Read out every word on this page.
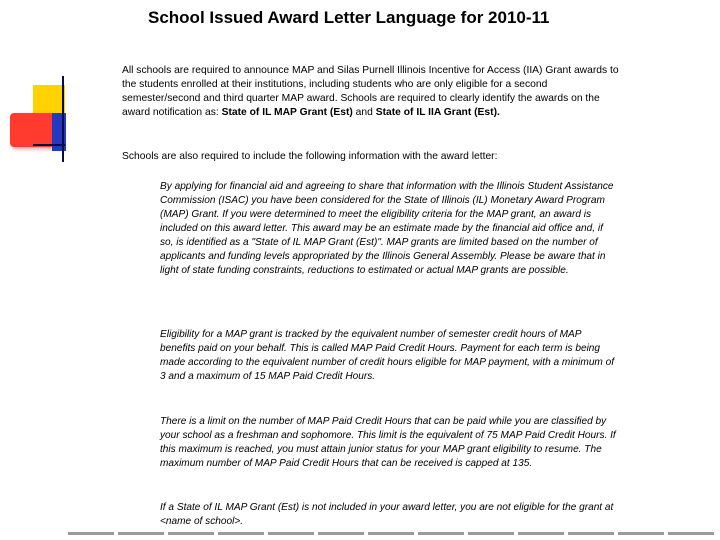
School Issued Award Letter Language for 2010-11

All schools are required to announce MAP and Silas Purnell Illinois Incentive for Access (IIA) Grant awards to the students enrolled at their institutions, including students who are only eligible for a second semester/second and third quarter MAP award. Schools are required to clearly identify the awards on the award notification as: State of IL MAP Grant (Est) and State of IL IIA Grant (Est).

Schools are also required to include the following information with the award letter:

By applying for financial aid and agreeing to share that information with the Illinois Student Assistance Commission (ISAC) you have been considered for the State of Illinois (IL) Monetary Award Program (MAP) Grant. If you were determined to meet the eligibility criteria for the MAP grant, an award is included on this award letter. This award may be an estimate made by the financial aid office and, if so, is identified as a "State of IL MAP Grant (Est)". MAP grants are limited based on the number of applicants and funding levels appropriated by the Illinois General Assembly. Please be aware that in light of state funding constraints, reductions to estimated or actual MAP grants are possible.

Eligibility for a MAP grant is tracked by the equivalent number of semester credit hours of MAP benefits paid on your behalf. This is called MAP Paid Credit Hours. Payment for each term is being made according to the equivalent number of credit hours eligible for MAP payment, with a minimum of 3 and a maximum of 15 MAP Paid Credit Hours.

There is a limit on the number of MAP Paid Credit Hours that can be paid while you are classified by your school as a freshman and sophomore. This limit is the equivalent of 75 MAP Paid Credit Hours. If this maximum is reached, you must attain junior status for your MAP grant eligibility to resume. The maximum number of MAP Paid Credit Hours that can be received is capped at 135.

If a State of IL MAP Grant (Est) is not included in your award letter, you are not eligible for the grant at <name of school>.
